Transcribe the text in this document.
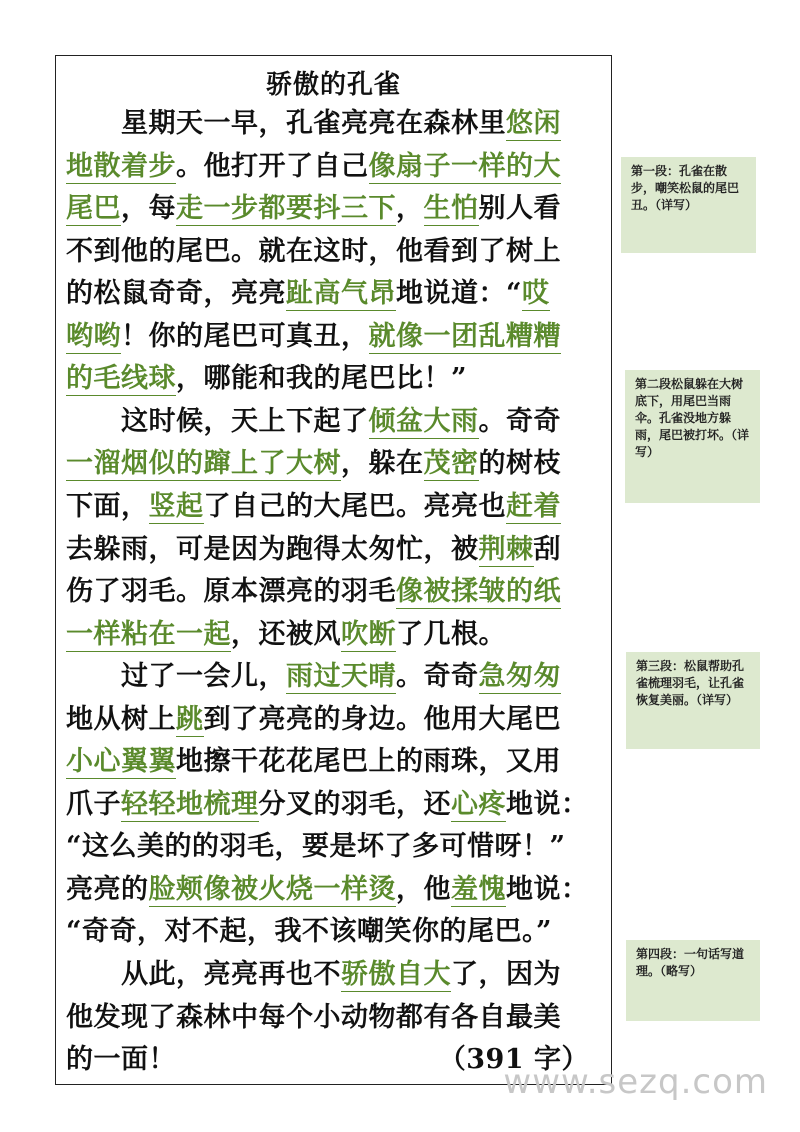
骄傲的孔雀
　　星期天一早，孔雀亮亮在森林里悠闲
地散着步。他打开了自己像扇子一样的大
尾巴，每走一步都要抖三下，生怕别人看
不到他的尾巴。就在这时，他看到了树上
的松鼠奇奇，亮亮趾高气昂地说道：“哎
哟哟！你的尾巴可真丑，就像一团乱糟糟
的毛线球，哪能和我的尾巴比！”
　　这时候，天上下起了倾盆大雨。奇奇
一溜烟似的蹿上了大树，躲在茂密的树枝
下面，竖起了自己的大尾巴。亮亮也赶着
去躲雨，可是因为跑得太匆忙，被荆棘刮
伤了羽毛。原本漂亮的羽毛像被揉皱的纸
一样粘在一起，还被风吹断了几根。
　　过了一会儿，雨过天晴。奇奇急匆匆
地从树上跳到了亮亮的身边。他用大尾巴
小心翼翼地擦干花花尾巴上的雨珠，又用
爪子轻轻地梳理分叉的羽毛，还心疼地说：
“这么美的的羽毛，要是坏了多可惜呀！”
亮亮的脸颊像被火烧一样烫，他羞愧地说：
“奇奇，对不起，我不该嘲笑你的尾巴。”
　　从此，亮亮再也不骄傲自大了，因为
他发现了森林中每个小动物都有各自最美
的一面！	（391 字）
第一段：孔雀在散步，嘲笑松鼠的尾巴丑。（详写）
第二段松鼠躲在大树底下，用尾巴当雨伞。孔雀没地方躲雨，尾巴被打坏。（详写）
第三段：松鼠帮助孔雀梳理羽毛，让孔雀恢复美丽。（详写）
第四段：一句话写道理。（略写）
www.sezq.com
